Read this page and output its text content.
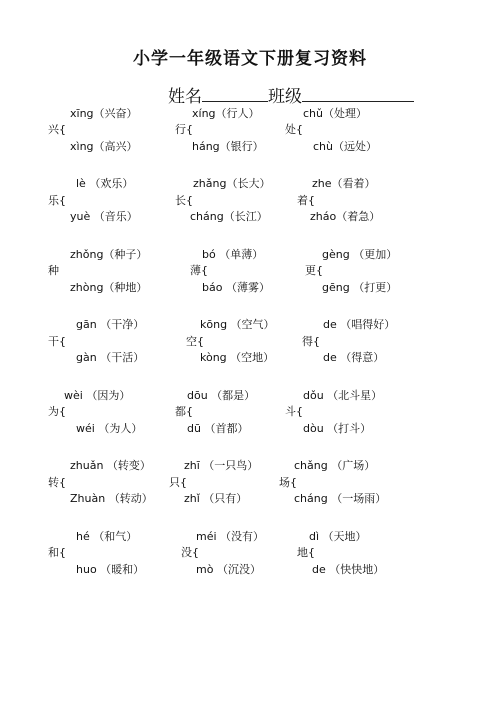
小学一年级语文下册复习资料
姓名	班级
xīng（兴奋）	xíng（行人）	chǔ（处理）
兴{	行{	处{
xìng（高兴）	háng（银行）	chù（远处）
lè （欢乐）	zhǎng（长大）	zhe（看着）
乐{	长{	着{
yuè （音乐）	cháng（长江）	zháo（着急）
zhǒng（种子）	bó （单薄）	gèng （更加）
种	薄{	更{
zhòng（种地）	báo （薄雾）	gēng （打更）
gān （干净）	kōng （空气）	de （唱得好）
干{	空{	得{
gàn （干活）	kòng （空地）	de （得意）
wèi （因为）	dōu （都是）	dǒu （北斗星）
为{	都{	斗{
wéi （为人）	dū （首都）	dòu （打斗）
zhuǎn （转变）	zhī （一只鸟）	chǎng （广场）
转{	只{	场{
Zhuàn （转动）	zhǐ （只有）	cháng （一场雨）
hé （和气）	méi （没有）	dì （天地）
和{	没{	地{
huo （暖和）	mò （沉没）	de （快快地）
